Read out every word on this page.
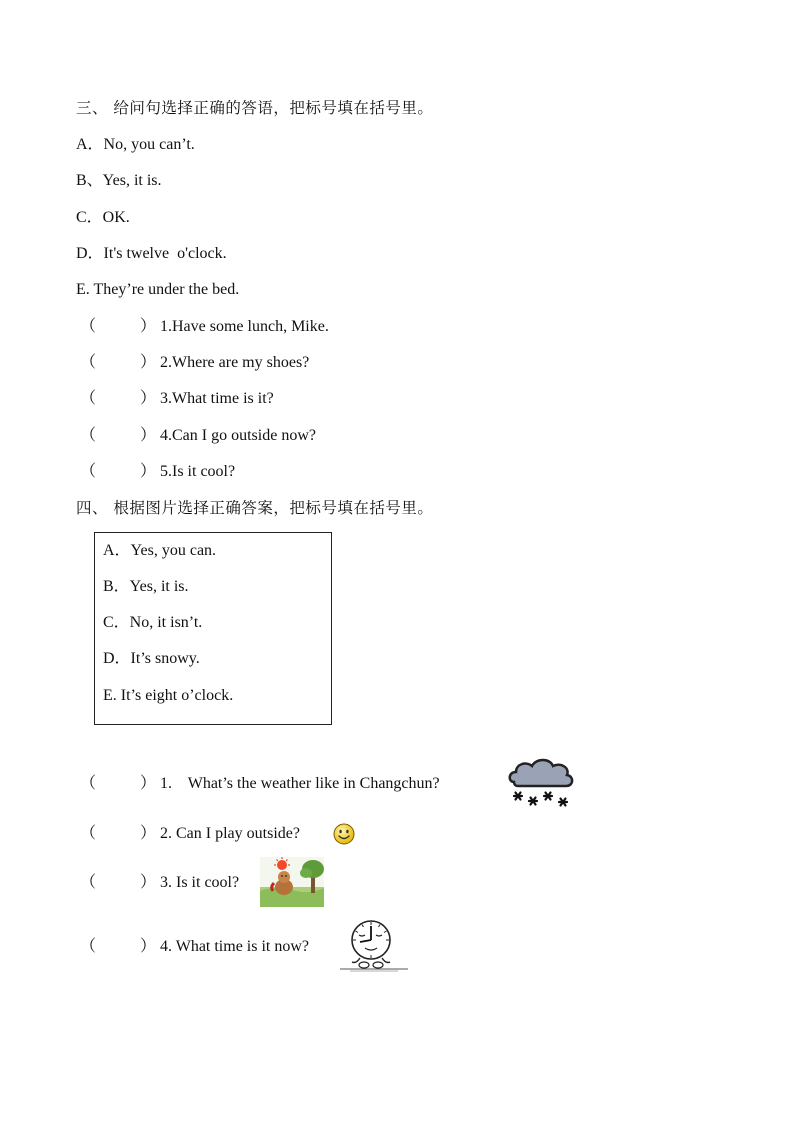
三、 给问句选择正确的答语，把标号填在括号里。
A．No, you can’t.
B、Yes, it is.
C．OK.
D．It's twelve  o'clock.
E. They’re under the bed.
（	） 1.Have some lunch, Mike.
（	） 2.Where are my shoes?
（	） 3.What time is it?
（	） 4.Can I go outside now?
（	） 5.Is it cool?
四、 根据图片选择正确答案，把标号填在括号里。
A．Yes, you can.
B．Yes, it is.
C．No, it isn’t.
D．It’s snowy.
E. It’s eight o’clock.
（	） 1.    What’s the weather like in Changchun?
（	） 2. Can I play outside?
（	） 3. Is it cool?
（	） 4. What time is it now?
